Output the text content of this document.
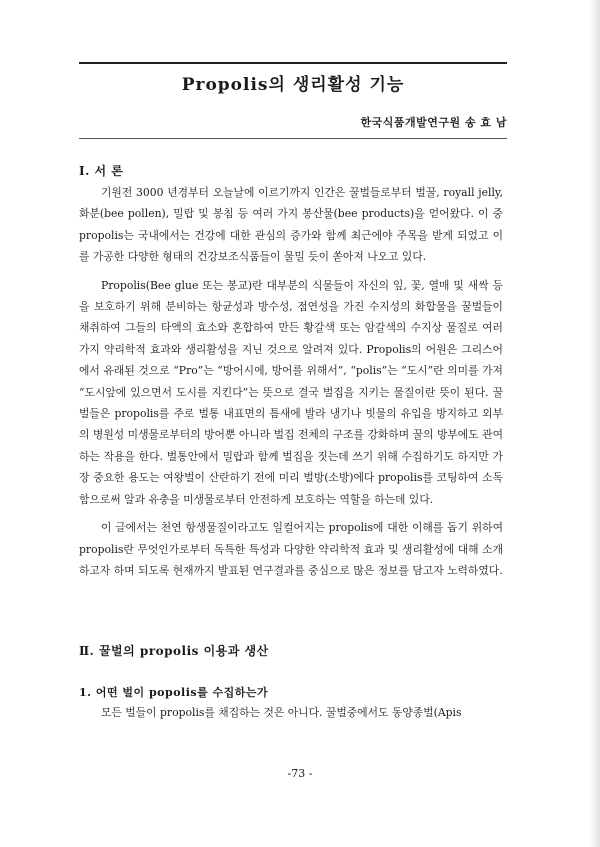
Propolis의 생리활성 기능
한국식품개발연구원 송 효 남
Ⅰ. 서 론

기원전 3000 년경부터 오늘날에 이르기까지 인간은 꿀벌들로부터 벌꿀, royall jelly, 화분(bee pollen), 밀랍 및 봉침 등 여러 가지 봉산물(bee products)을 얻어왔다. 이 중 propolis는 국내에서는 건강에 대한 관심의 증가와 함께 최근에야 주목을 받게 되었고 이를 가공한 다양한 형태의 건강보조식품들이 물밀 듯이 쏟아져 나오고 있다.

Propolis(Bee glue 또는 봉교)란 대부분의 식물들이 자신의 잎, 꽃, 열매 및 새싹 등을 보호하기 위해 분비하는 항균성과 방수성, 점연성을 가진 수지성의 화합물을 꿀벌들이 채취하여 그들의 타액의 효소와 혼합하여 만든 황갈색 또는 암갈색의 수지상 물질로 여러 가지 약리학적 효과와 생리활성을 지닌 것으로 알려져 있다. Propolis의 어원은 그리스어에서 유래된 것으로 “Pro”는 “방어시에, 방어를 위해서”, “polis”는 “도시”란 의미를 가져 “도시앞에 있으면서 도시를 지킨다”는 뜻으로 결국 벌집을 지키는 물질이란 뜻이 된다. 꿀벌들은 propolis를 주로 벌통 내표면의 틈새에 발라 냉기나 빗물의 유입을 방지하고 외부의 병원성 미생물로부터의 방어뿐 아니라 벌집 전체의 구조를 강화하며 꿀의 방부에도 관여하는 작용을 한다. 벌통안에서 밀랍과 함께 벌집을 짓는데 쓰기 위해 수집하기도 하지만 가장 중요한 용도는 여왕벌이 산란하기 전에 미리 벌방(소방)에다 propolis를 코팅하여 소독함으로써 알과 유충을 미생물로부터 안전하게 보호하는 역할을 하는데 있다.

이 글에서는 천연 항생물질이라고도 일컬어지는 propolis에 대한 이해를 돕기 위하여 propolis란 무엇인가로부터 독특한 특성과 다양한 약리학적 효과 및 생리활성에 대해 소개하고자 하며 되도록 현재까지 발표된 연구결과를 중심으로 많은 정보를 담고자 노력하였다.

Ⅱ. 꿀벌의 propolis 이용과 생산
1. 어떤 벌이 popolis를 수집하는가

모든 벌들이 propolis를 채집하는 것은 아니다. 꿀벌중에서도 동양종벌(Apis

-73 -
